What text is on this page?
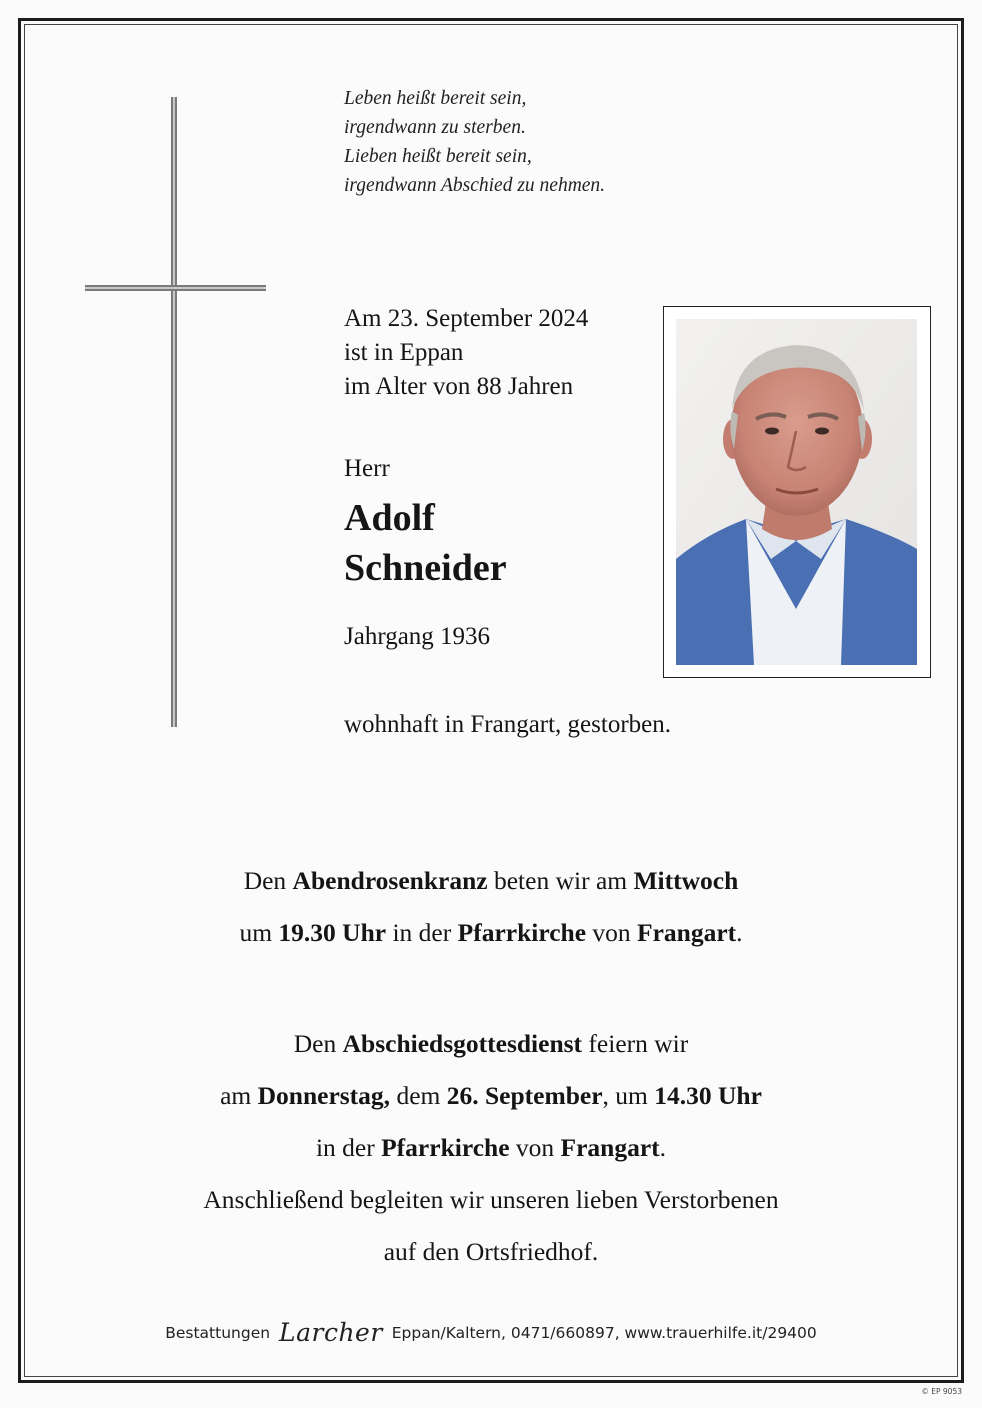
Leben heißt bereit sein,
irgendwann zu sterben.
Lieben heißt bereit sein,
irgendwann Abschied zu nehmen.
Am 23. September 2024
ist in Eppan
im Alter von 88 Jahren
Herr
Adolf
Schneider
Jahrgang 1936
wohnhaft in Frangart, gestorben.
Den Abendrosenkranz beten wir am Mittwoch
um 19.30 Uhr in der Pfarrkirche von Frangart.
Den Abschiedsgottesdienst feiern wir
am Donnerstag, dem 26. September, um 14.30 Uhr
in der Pfarrkirche von Frangart.
Anschließend begleiten wir unseren lieben Verstorbenen
auf den Ortsfriedhof.
Bestattungen Larcher Eppan/Kaltern, 0471/660897, www.trauerhilfe.it/29400
© EP 9053
